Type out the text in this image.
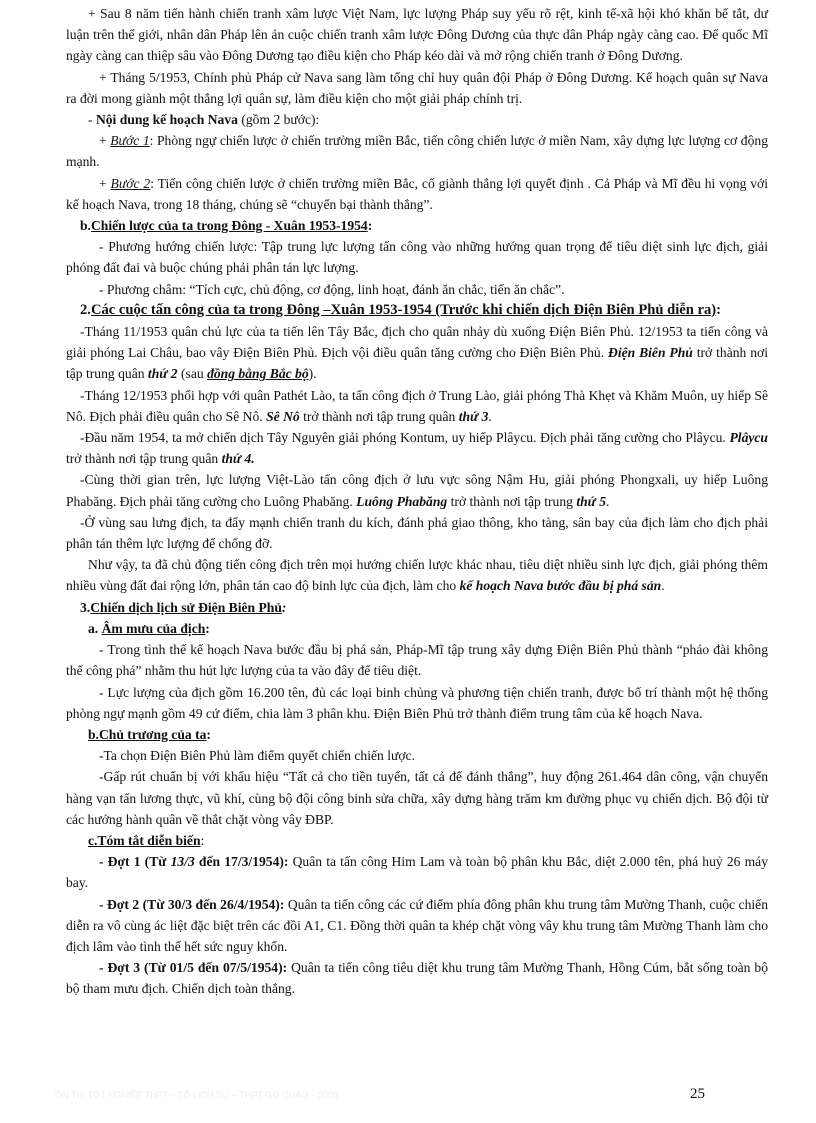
+ Sau 8 năm tiến hành chiến tranh xâm lược Việt Nam, lực lượng Pháp suy yếu rõ rệt, kinh tế-xã hội khó khăn bế tắt, dư luận trên thế giới, nhân dân Pháp lên án cuộc chiến tranh xâm lược Đông Dương của thực dân Pháp ngày càng cao. Đế quốc Mĩ ngày càng can thiệp sâu vào Đông Dương tạo điều kiện cho Pháp kéo dài và mở rộng chiến tranh ở Đông Dương.

+ Tháng 5/1953, Chính phủ Pháp cử Nava sang làm tổng chỉ huy quân đội Pháp ở Đông Dương. Kế hoạch quân sự Nava ra đời mong giành một thắng lợi quân sự, làm điều kiện cho một giải pháp chính trị.

- Nội dung kế hoạch Nava (gồm 2 bước):

+ Bước 1: Phòng ngự chiến lược ở chiến trường miền Bắc, tiến công chiến lược ở miền Nam, xây dựng lực lượng cơ động mạnh.

+ Bước 2: Tiến công chiến lược ở chiến trường miền Bắc, cố giành thắng lợi quyết định . Cả Pháp và Mĩ đều hi vọng với kế hoạch Nava, trong 18 tháng, chúng sẽ “chuyển bại thành thắng”.

b.Chiến lược của ta trong Đông - Xuân 1953-1954:

- Phương hướng chiến lược: Tập trung lực lượng tấn công vào những hướng quan trọng để tiêu diệt sinh lực địch, giải phóng đất đai và buộc chúng phải phân tán lực lượng.

- Phương châm: “Tích cực, chủ động, cơ động, linh hoạt, đánh ăn chắc, tiến ăn chắc”.

2.Các cuộc tấn công của ta trong Đông –Xuân 1953-1954 (Trước khi chiến dịch Điện Biên Phủ diễn ra):

-Tháng 11/1953 quân chủ lực của ta tiến lên Tây Bắc, địch cho quân nhảy dù xuống Điện Biên Phủ. 12/1953 ta tiến công và giải phóng Lai Châu, bao vây Điện Biên Phủ. Địch vội điều quân tăng cường cho Điện Biên Phủ. Điện Biên Phủ trở thành nơi tập trung quân thứ 2 (sau đồng bằng Bắc bộ).

-Tháng 12/1953 phối hợp với quân Pathét Lào, ta tấn công địch ở Trung Lào, giải phóng Thà Khẹt và Khăm Muôn, uy hiếp Sê Nô. Địch phải điều quân cho Sê Nô. Sê Nô trở thành nơi tập trung quân thứ 3.

-Đầu năm 1954, ta mở chiến dịch Tây Nguyên giải phóng Kontum, uy hiếp Plâycu. Địch phải tăng cường cho Plâycu. Plâycu trở thành nơi tập trung quân thứ 4.

-Cùng thời gian trên, lực lượng Việt-Lào tấn công địch ở lưu vực sông Nậm Hu, giải phóng Phongxali, uy hiếp Luông Phabăng. Địch phải tăng cường cho Luông Phabăng. Luông Phabăng trở thành nơi tập trung thứ 5.

-Ở vùng sau lưng địch, ta đẩy mạnh chiến tranh du kích, đánh phá giao thông, kho tàng, sân bay của địch làm cho địch phải phân tán thêm lực lượng để chống đỡ.

Như vậy, ta đã chủ động tiến công địch trên mọi hướng chiến lược khác nhau, tiêu diệt nhiều sinh lực địch, giải phóng thêm nhiều vùng đất đai rộng lớn, phân tán cao độ binh lực của địch, làm cho kế hoạch Nava bước đầu bị phá sản.

3.Chiến dịch lịch sử Điện Biên Phủ:

a. Âm mưu của địch:

- Trong tình thế kế hoạch Nava bước đầu bị phá sản, Pháp-Mĩ tập trung xây dựng Điện Biên Phủ thành “pháo đài không thể công phá” nhằm thu hút lực lượng của ta vào đây để tiêu diệt.

- Lực lượng của địch gồm 16.200 tên, đủ các loại binh chủng và phương tiện chiến tranh, được bố trí thành một hệ thống phòng ngự mạnh gồm 49 cứ điểm, chia làm 3 phân khu. Điện Biên Phủ trở thành điểm trung tâm của kế hoạch Nava.

b.Chủ trương của ta:

-Ta chọn Điện Biên Phủ làm điểm quyết chiến chiến lược.

-Gấp rút chuẩn bị với khẩu hiệu “Tất cả cho tiền tuyến, tất cả để đánh thắng”, huy động 261.464 dân công, vận chuyển hàng vạn tấn lương thực, vũ khí, cùng bộ đội công binh sửa chữa, xây dựng hàng trăm km đường phục vụ chiến dịch. Bộ đội từ các hướng hành quân về thắt chặt vòng vây ĐBP.

c.Tóm tắt diễn biến:

- Đợt 1 (Từ 13/3 đến 17/3/1954): Quân ta tấn công Him Lam và toàn bộ phân khu Bắc, diệt 2.000 tên, phá huỷ 26 máy bay.

- Đợt 2 (Từ 30/3 đến 26/4/1954): Quân ta tiến công các cứ điểm phía đông phân khu trung tâm Mường Thanh, cuộc chiến diễn ra vô cùng ác liệt đặc biệt trên các đồi A1, C1. Đồng thời quân ta khép chặt vòng vây khu trung tâm Mường Thanh làm cho địch lâm vào tình thế hết sức nguy khốn.

- Đợt 3 (Từ 01/5 đến 07/5/1954): Quân ta tiến công tiêu diệt khu trung tâm Mường Thanh, Hồng Cúm, bắt sống toàn bộ bộ tham mưu địch. Chiến dịch toàn thắng.

ÔN THI TỐT NGHIỆP THPT – TỔ LỊCH SỬ – THPT GÒ QUAO – 2008	25
